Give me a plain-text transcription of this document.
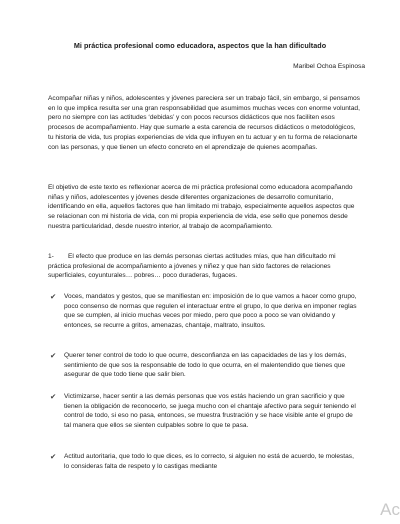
Mi práctica profesional como educadora, aspectos que la han dificultado
Maribel Ochoa Espinosa

Acompañar niñas y niños, adolescentes y jóvenes pareciera ser un trabajo fácil, sin embargo, si pensamos en lo que implica resulta ser una gran responsabilidad que asumimos muchas veces con enorme voluntad, pero no siempre con las actitudes ‘debidas’ y con pocos recursos didácticos que nos faciliten esos procesos de acompañamiento. Hay que sumarle a esta carencia de recursos didácticos o metodológicos, tu historia de vida, tus propias experiencias de vida que influyen en tu actuar y en tu forma de relacionarte con las personas, y que tienen un efecto concreto en el aprendizaje de quienes acompañas.

El objetivo de este texto es reflexionar acerca de mi práctica profesional como educadora acompañando niñas y niños, adolescentes y jóvenes desde diferentes organizaciones de desarrollo comunitario, identificando en ella, aquellos factores que han limitado mi trabajo, especialmente aquellos aspectos que se relacionan con mi historia de vida, con mi propia experiencia de vida, ese sello que ponemos desde nuestra particularidad, desde nuestro interior, al trabajo de acompañamiento.

1-	El efecto que produce en las demás personas ciertas actitudes mías, que han dificultado mi práctica profesional de acompañamiento a jóvenes y niñez y que han sido factores de relaciones superficiales, coyunturales… pobres… poco duraderas, fugaces.
✔ Voces, mandatos y gestos, que se manifiestan en: imposición de lo que vamos a hacer como grupo, poco consenso de normas que regulen el interactuar entre el grupo, lo que deriva en imponer reglas que se cumplen, al inicio muchas veces por miedo, pero que poco a poco se van olvidando y entonces, se recurre a gritos, amenazas, chantaje, maltrato, insultos.
✔ Querer tener control de todo lo que ocurre, desconfianza en las capacidades de las y los demás, sentimiento de que sos la responsable de todo lo que ocurra, en el malentendido que tienes que asegurar de que todo tiene que salir bien.
✔ Victimizarse, hacer sentir a las demás personas que vos estás haciendo un gran sacrificio y que tienen la obligación de reconocerlo, se juega mucho con el chantaje afectivo para seguir teniendo el control de todo, si eso no pasa, entonces, se muestra frustración y se hace visible ante el grupo de tal manera que ellos se sienten culpables sobre lo que te pasa.
✔ Actitud autoritaria, que todo lo que dices, es lo correcto, si alguien no está de acuerdo, te molestas, lo consideras falta de respeto y lo castigas mediante
Ac
